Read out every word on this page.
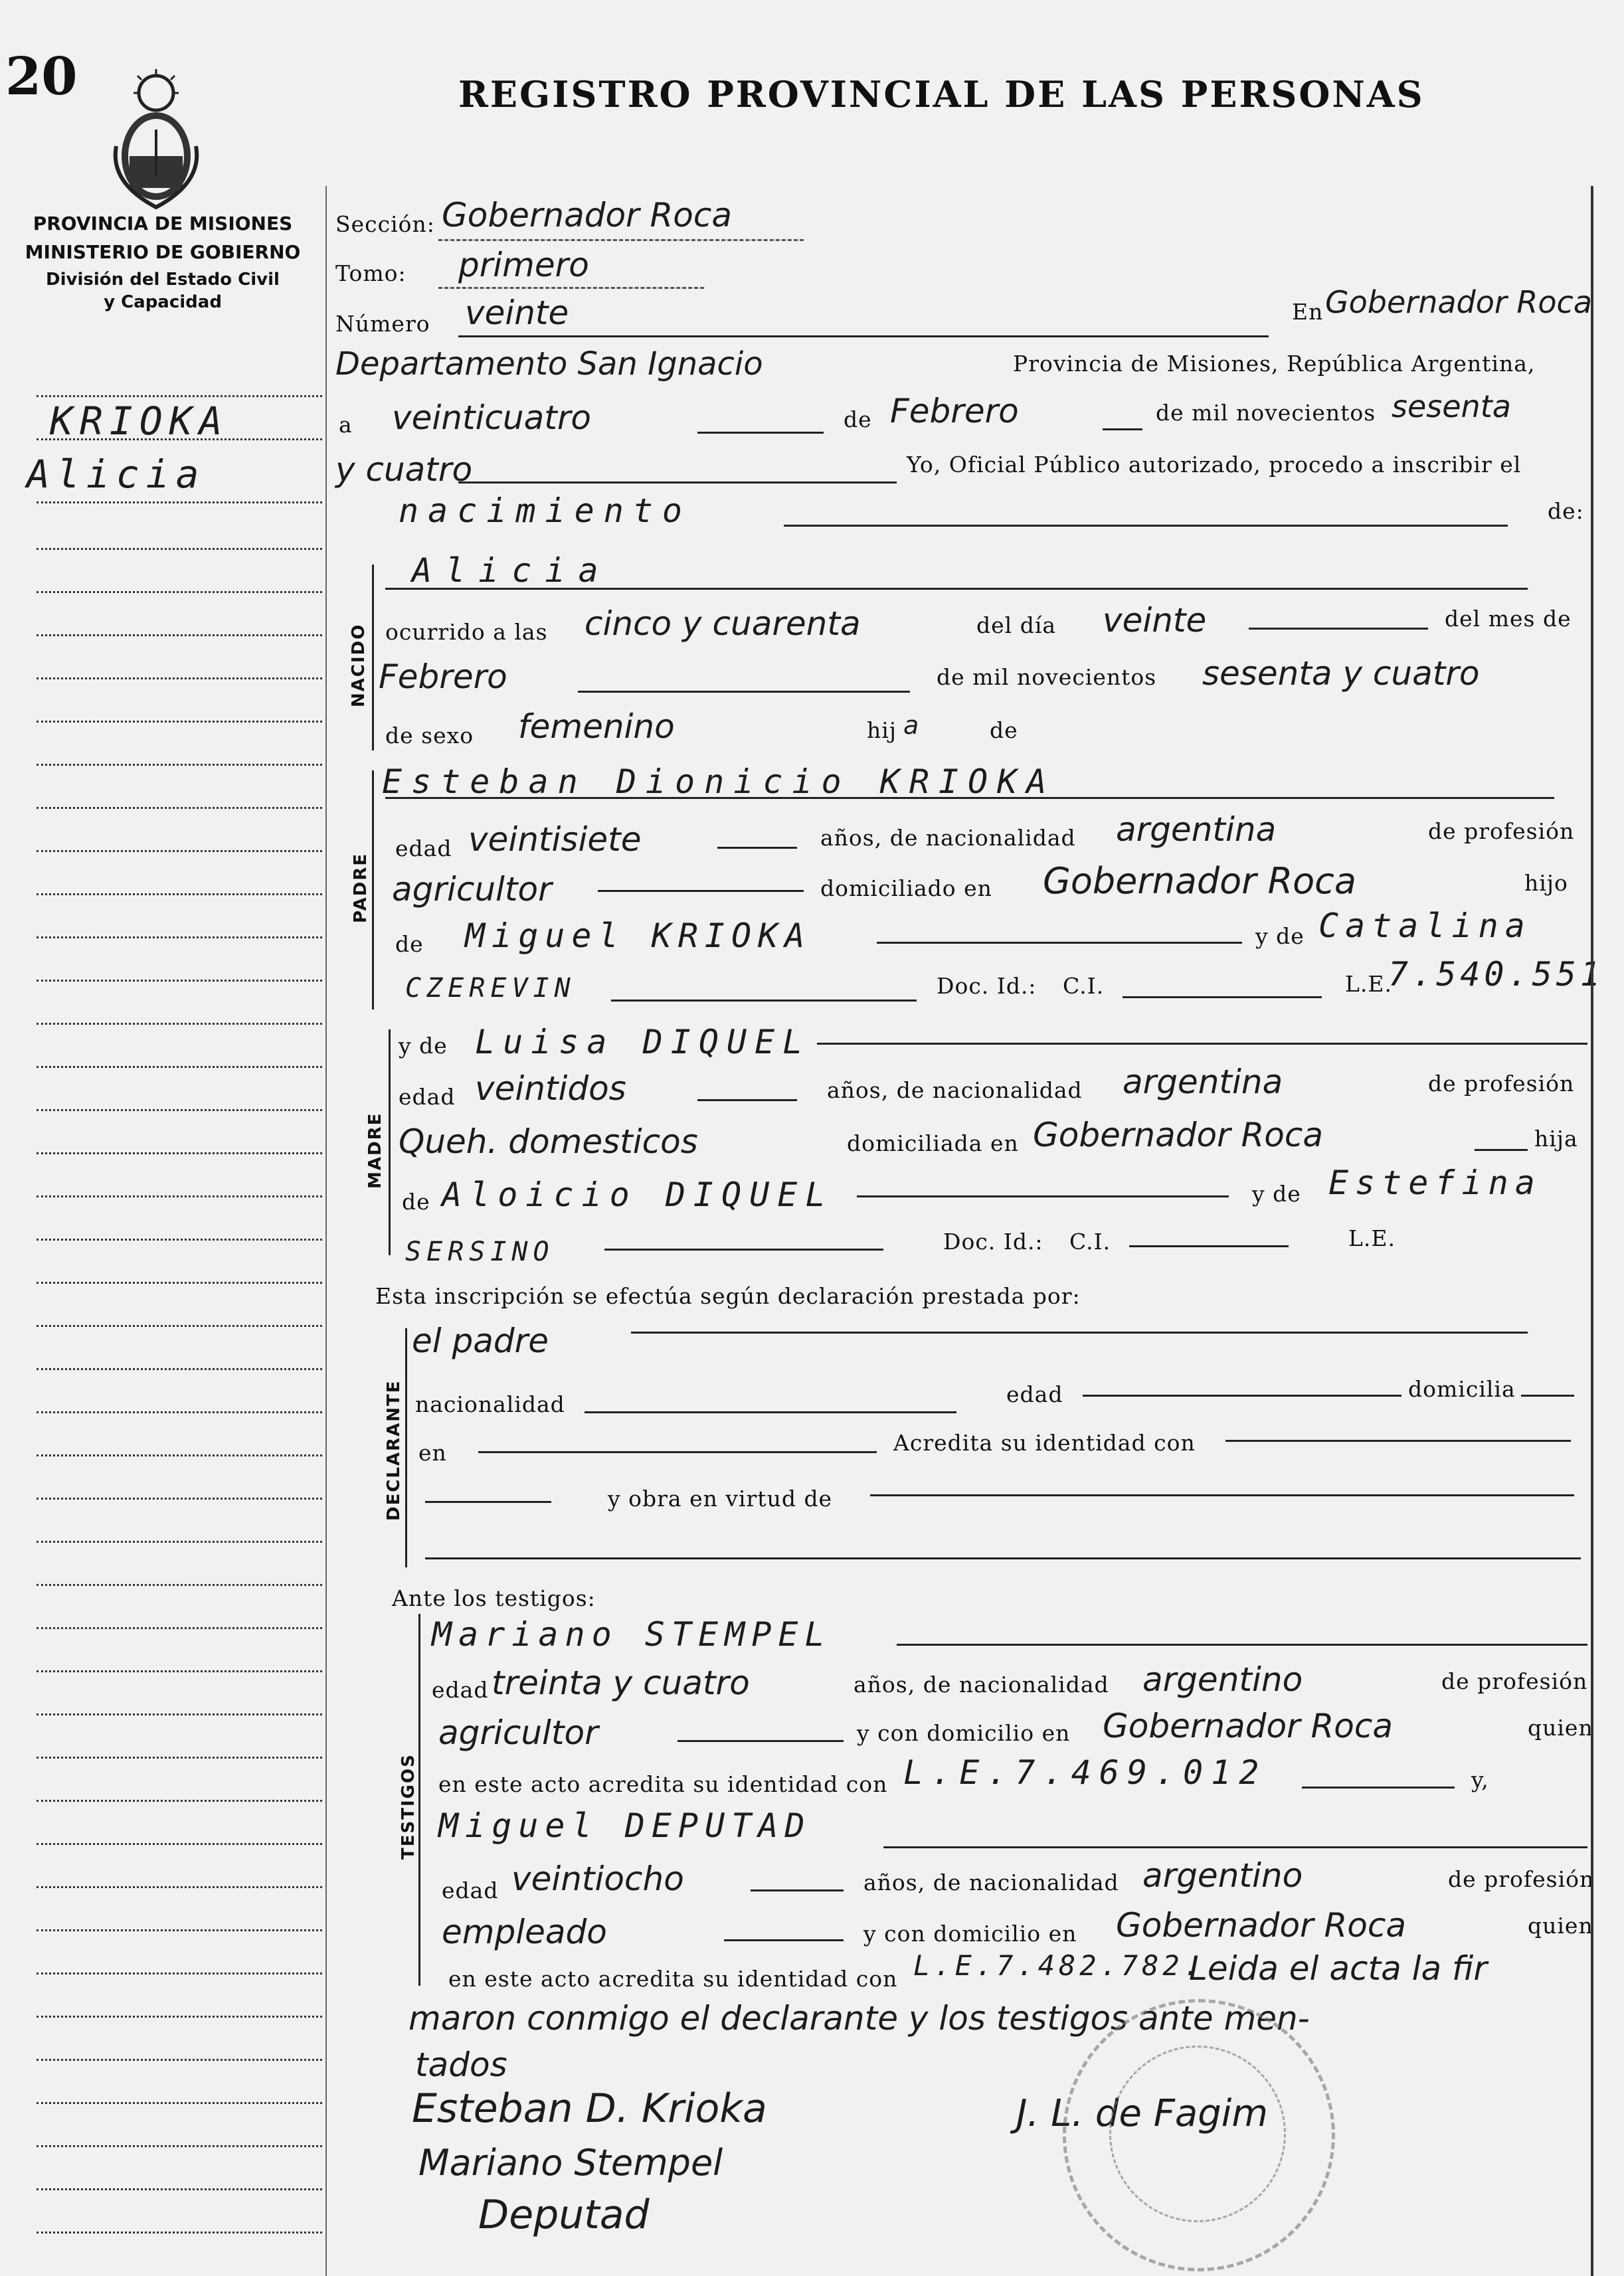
20
PROVINCIA DE MISIONES
MINISTERIO DE GOBIERNO
División del Estado Civil
y Capacidad
REGISTRO PROVINCIAL DE LAS PERSONAS
KRIOKA
Alicia
Sección: Gobernador Roca
Tomo: primero
Número veinte	En Gobernador Roca
Departamento San Ignacio	Provincia de Misiones, República Argentina,
a veinticuatro	de Febrero	de mil novecientos sesenta
y cuatro	Yo, Oficial Público autorizado, procedo a inscribir el
nacimiento	de:
NACIDO
Alicia
ocurrido a las cinco y cuarenta	del día veinte	del mes de
Febrero	de mil novecientos sesenta y cuatro
de sexo femenino	hij a	de
PADRE
Esteban Dionicio KRIOKA
edad veintisiete	años, de nacionalidad argentina	de profesión
agricultor	domiciliado en Gobernador Roca	hijo
de Miguel KRIOKA	y de Catalina
CZEREVIN	Doc. Id.: C.I.	L.E.
7.540.551
MADRE
y de Luisa DIQUEL
edad veintidos	años, de nacionalidad argentina	de profesión
Queh. domesticos	domiciliada en Gobernador Roca	hija
de Aloicio DIQUEL	y de Estefina
SERSINO	Doc. Id.: C.I.	L.E.
Esta inscripción se efectúa según declaración prestada por:
DECLARANTE
el padre
nacionalidad	edad	domicilia
en	Acredita su identidad con
y obra en virtud de
Ante los testigos:
TESTIGOS
Mariano STEMPEL
edad treinta y cuatro	años, de nacionalidad argentino	de profesión
agricultor	y con domicilio en Gobernador Roca	quien
en este acto acredita su identidad con L.E.7.469.012	y,
Miguel DEPUTAD
edad veintiocho	años, de nacionalidad argentino	de profesión
empleado	y con domicilio en Gobernador Roca	quien
en este acto acredita su identidad con L.E.7.482.782.
Leida el acta la fir
maron conmigo el declarante y los testigos ante men-
tados
Esteban D. Krioka	J. L. de Fagim
Mariano Stempel
Deputad
